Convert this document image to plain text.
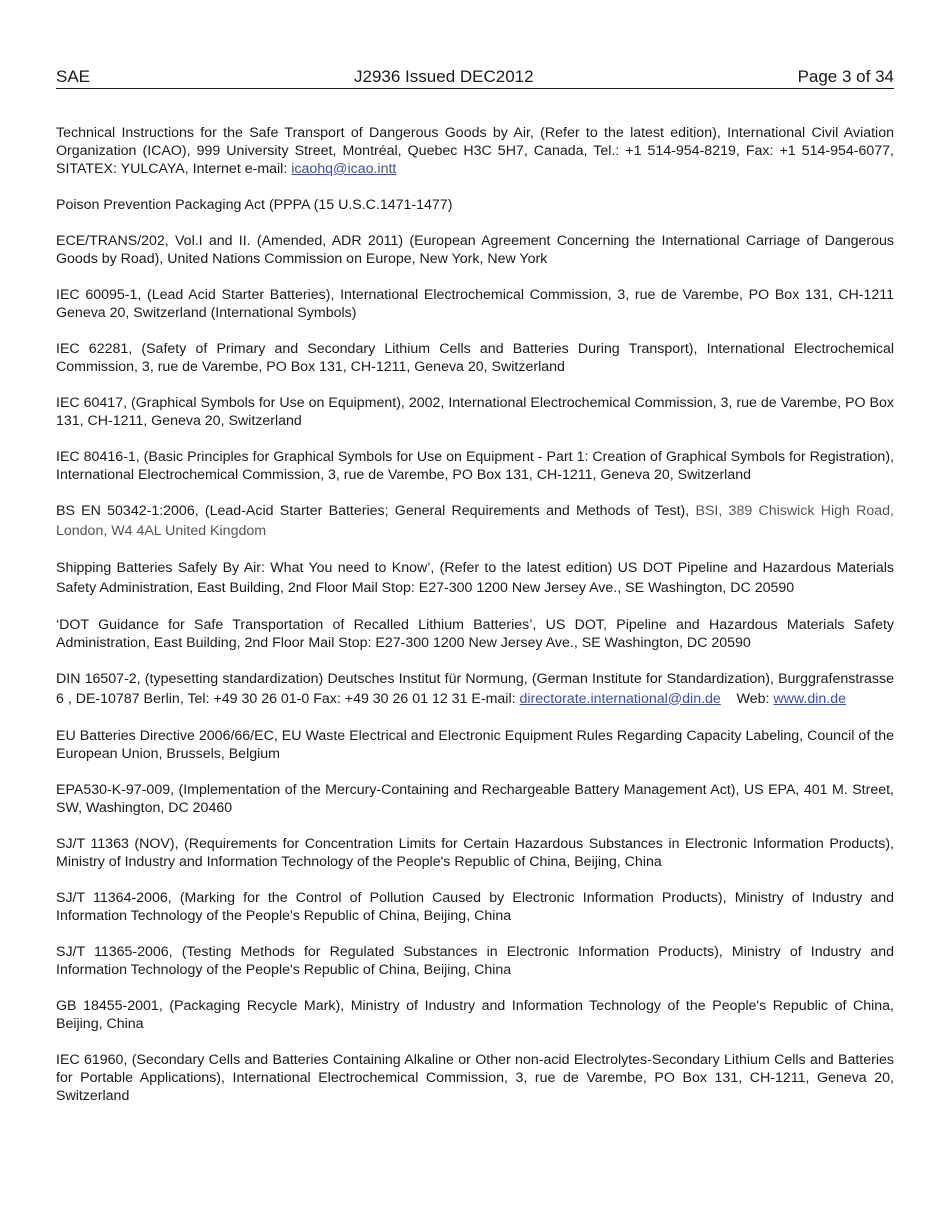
SAE	J2936 Issued DEC2012	Page 3 of 34

Technical Instructions for the Safe Transport of Dangerous Goods by Air, (Refer to the latest edition), International Civil Aviation Organization (ICAO), 999 University Street, Montréal, Quebec H3C 5H7, Canada, Tel.: +1 514-954-8219, Fax: +1 514-954-6077, SITATEX: YULCAYA, Internet e-mail: icaohq@icao.intt

Poison Prevention Packaging Act (PPPA (15 U.S.C.1471-1477)

ECE/TRANS/202, Vol.I and II. (Amended, ADR 2011) (European Agreement Concerning the International Carriage of Dangerous Goods by Road), United Nations Commission on Europe, New York, New York

IEC 60095-1, (Lead Acid Starter Batteries), International Electrochemical Commission, 3, rue de Varembe, PO Box 131, CH-1211 Geneva 20, Switzerland (International Symbols)

IEC 62281, (Safety of Primary and Secondary Lithium Cells and Batteries During Transport), International Electrochemical Commission, 3, rue de Varembe, PO Box 131, CH-1211, Geneva 20, Switzerland

IEC 60417, (Graphical Symbols for Use on Equipment), 2002, International Electrochemical Commission, 3, rue de Varembe, PO Box 131, CH-1211, Geneva 20, Switzerland

IEC 80416-1, (Basic Principles for Graphical Symbols for Use on Equipment - Part 1: Creation of Graphical Symbols for Registration), International Electrochemical Commission, 3, rue de Varembe, PO Box 131, CH-1211, Geneva 20, Switzerland

BS EN 50342-1:2006, (Lead-Acid Starter Batteries; General Requirements and Methods of Test), BSI, 389 Chiswick High Road, London, W4 4AL United Kingdom

Shipping Batteries Safely By Air: What You need to Know’, (Refer to the latest edition) US DOT Pipeline and Hazardous Materials Safety Administration, East Building, 2nd Floor Mail Stop: E27-300 1200 New Jersey Ave., SE Washington, DC 20590

‘DOT Guidance for Safe Transportation of Recalled Lithium Batteries’, US DOT, Pipeline and Hazardous Materials Safety Administration, East Building, 2nd Floor Mail Stop: E27-300 1200 New Jersey Ave., SE Washington, DC 20590

DIN 16507-2, (typesetting standardization) Deutsches Institut für Normung, (German Institute for Standardization), Burggrafenstrasse 6 , DE-10787 Berlin, Tel: +49 30 26 01-0 Fax: +49 30 26 01 12 31 E-mail: directorate.international@din.de Web: www.din.de

EU Batteries Directive 2006/66/EC, EU Waste Electrical and Electronic Equipment Rules Regarding Capacity Labeling, Council of the European Union, Brussels, Belgium

EPA530-K-97-009, (Implementation of the Mercury-Containing and Rechargeable Battery Management Act), US EPA, 401 M. Street, SW, Washington, DC 20460

SJ/T 11363 (NOV), (Requirements for Concentration Limits for Certain Hazardous Substances in Electronic Information Products), Ministry of Industry and Information Technology of the People's Republic of China, Beijing, China

SJ/T 11364-2006, (Marking for the Control of Pollution Caused by Electronic Information Products), Ministry of Industry and Information Technology of the People's Republic of China, Beijing, China

SJ/T 11365-2006, (Testing Methods for Regulated Substances in Electronic Information Products), Ministry of Industry and Information Technology of the People's Republic of China, Beijing, China

GB 18455-2001, (Packaging Recycle Mark), Ministry of Industry and Information Technology of the People's Republic of China, Beijing, China

IEC 61960, (Secondary Cells and Batteries Containing Alkaline or Other non-acid Electrolytes-Secondary Lithium Cells and Batteries for Portable Applications), International Electrochemical Commission, 3, rue de Varembe, PO Box 131, CH-1211, Geneva 20, Switzerland
